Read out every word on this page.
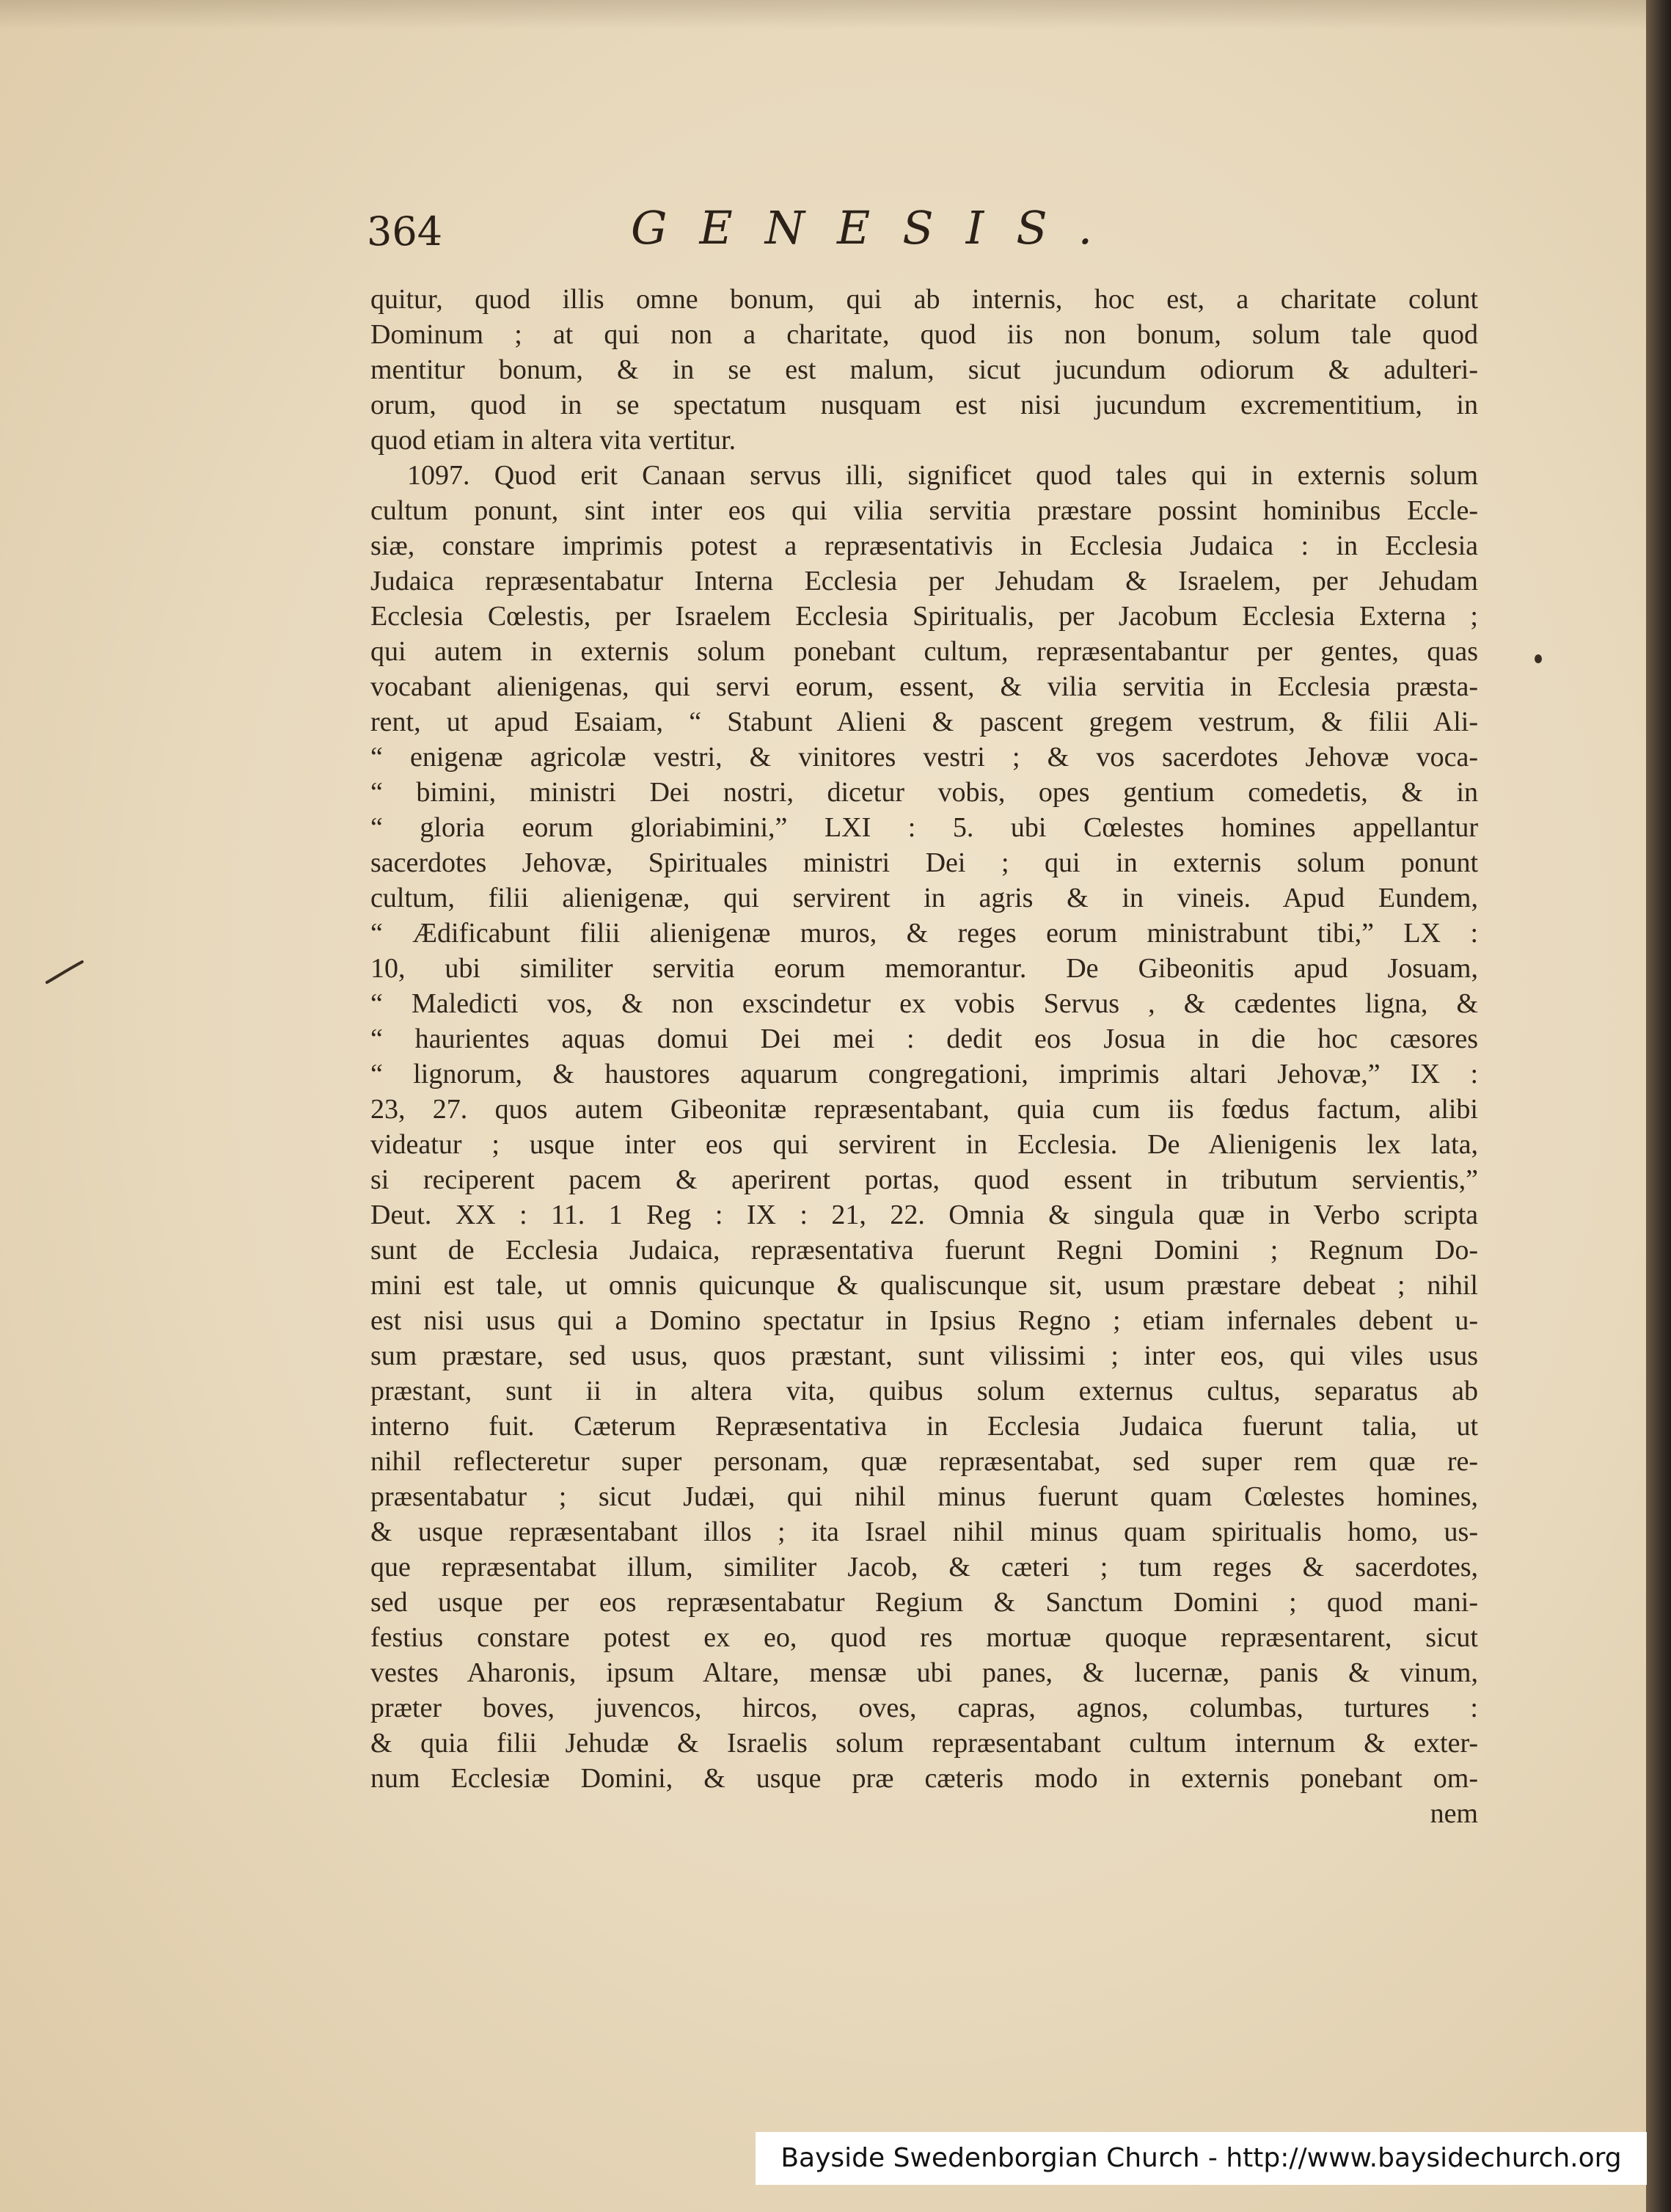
364	GENESIS.
quitur, quod illis omne bonum, qui ab internis, hoc est, a charitate colunt
Dominum ; at qui non a charitate, quod iis non bonum, solum tale quod
mentitur bonum, & in se est malum, sicut jucundum odiorum & adulteri-
orum, quod in se spectatum nusquam est nisi jucundum excrementitium, in
quod etiam in altera vita vertitur.
1097. Quod erit Canaan servus illi, significet quod tales qui in externis solum
cultum ponunt, sint inter eos qui vilia servitia præstare possint hominibus Eccle-
siæ, constare imprimis potest a repræsentativis in Ecclesia Judaica : in Ecclesia
Judaica repræsentabatur Interna Ecclesia per Jehudam & Israelem, per Jehudam
Ecclesia Cœlestis, per Israelem Ecclesia Spiritualis, per Jacobum Ecclesia Externa ;
qui autem in externis solum ponebant cultum, repræsentabantur per gentes, quas
vocabant alienigenas, qui servi eorum, essent, & vilia servitia in Ecclesia præsta-
rent, ut apud Esaiam, “ Stabunt Alieni & pascent gregem vestrum, & filii Ali-
“ enigenæ agricolæ vestri, & vinitores vestri ; & vos sacerdotes Jehovæ voca-
“ bimini, ministri Dei nostri, dicetur vobis, opes gentium comedetis, & in
“ gloria eorum gloriabimini,” LXI : 5. ubi Cœlestes homines appellantur
sacerdotes Jehovæ, Spirituales ministri Dei ; qui in externis solum ponunt
cultum, filii alienigenæ, qui servirent in agris & in vineis. Apud Eundem,
“ Ædificabunt filii alienigenæ muros, & reges eorum ministrabunt tibi,” LX :
10, ubi similiter servitia eorum memorantur. De Gibeonitis apud Josuam,
“ Maledicti vos, & non exscindetur ex vobis Servus , & cædentes ligna, &
“ haurientes aquas domui Dei mei : dedit eos Josua in die hoc cæsores
“ lignorum, & haustores aquarum congregationi, imprimis altari Jehovæ,” IX :
23, 27. quos autem Gibeonitæ repræsentabant, quia cum iis fœdus factum, alibi
videatur ; usque inter eos qui servirent in Ecclesia. De Alienigenis lex lata,
si reciperent pacem & aperirent portas, quod essent in tributum servientis,”
Deut. XX : 11. 1 Reg : IX : 21, 22. Omnia & singula quæ in Verbo scripta
sunt de Ecclesia Judaica, repræsentativa fuerunt Regni Domini ; Regnum Do-
mini est tale, ut omnis quicunque & qualiscunque sit, usum præstare debeat ; nihil
est nisi usus qui a Domino spectatur in Ipsius Regno ; etiam infernales debent u-
sum præstare, sed usus, quos præstant, sunt vilissimi ; inter eos, qui viles usus
præstant, sunt ii in altera vita, quibus solum externus cultus, separatus ab
interno fuit. Cæterum Repræsentativa in Ecclesia Judaica fuerunt talia, ut
nihil reflecteretur super personam, quæ repræsentabat, sed super rem quæ re-
præsentabatur ; sicut Judæi, qui nihil minus fuerunt quam Cœlestes homines,
& usque repræsentabant illos ; ita Israel nihil minus quam spiritualis homo, us-
que repræsentabat illum, similiter Jacob, & cæteri ; tum reges & sacerdotes,
sed usque per eos repræsentabatur Regium & Sanctum Domini ; quod mani-
festius constare potest ex eo, quod res mortuæ quoque repræsentarent, sicut
vestes Aharonis, ipsum Altare, mensæ ubi panes, & lucernæ, panis & vinum,
præter boves, juvencos, hircos, oves, capras, agnos, columbas, turtures :
& quia filii Jehudæ & Israelis solum repræsentabant cultum internum & exter-
num Ecclesiæ Domini, & usque præ cæteris modo in externis ponebant om-
nem
Bayside Swedenborgian Church - http://www.baysidechurch.org
